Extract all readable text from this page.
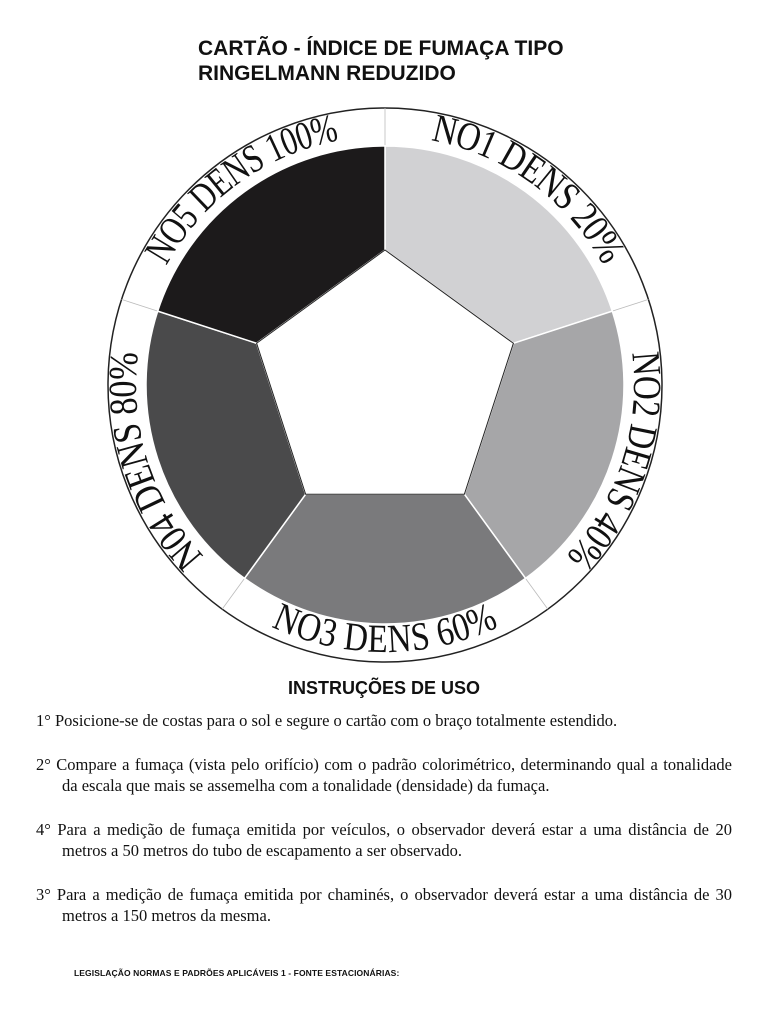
CARTÃO - ÍNDICE DE FUMAÇA TIPO
RINGELMANN REDUZIDO
NO1 DENS 20%
NO2 DENS 40%
NO3 DENS 60%
N04 DENS 80%
NO5 DENS 100%
INSTRUÇÕES DE USO
1° Posicione-se de costas para o sol e segure o cartão com o braço totalmente estendido.
2° Compare a fumaça (vista pelo orifício) com o padrão colorimétrico, determinando qual a tonalidade da escala que mais se assemelha com a tonalidade (densidade) da fumaça.
4° Para a medição de fumaça emitida por veículos, o observador deverá estar a uma distância de 20 metros a 50 metros do tubo de escapamento a ser observado.
3° Para a medição de fumaça emitida por chaminés, o observador deverá estar a uma distância de 30 metros a 150 metros da mesma.
LEGISLAÇÃO NORMAS E PADRÕES APLICÁVEIS 1 - FONTE ESTACIONÁRIAS:
